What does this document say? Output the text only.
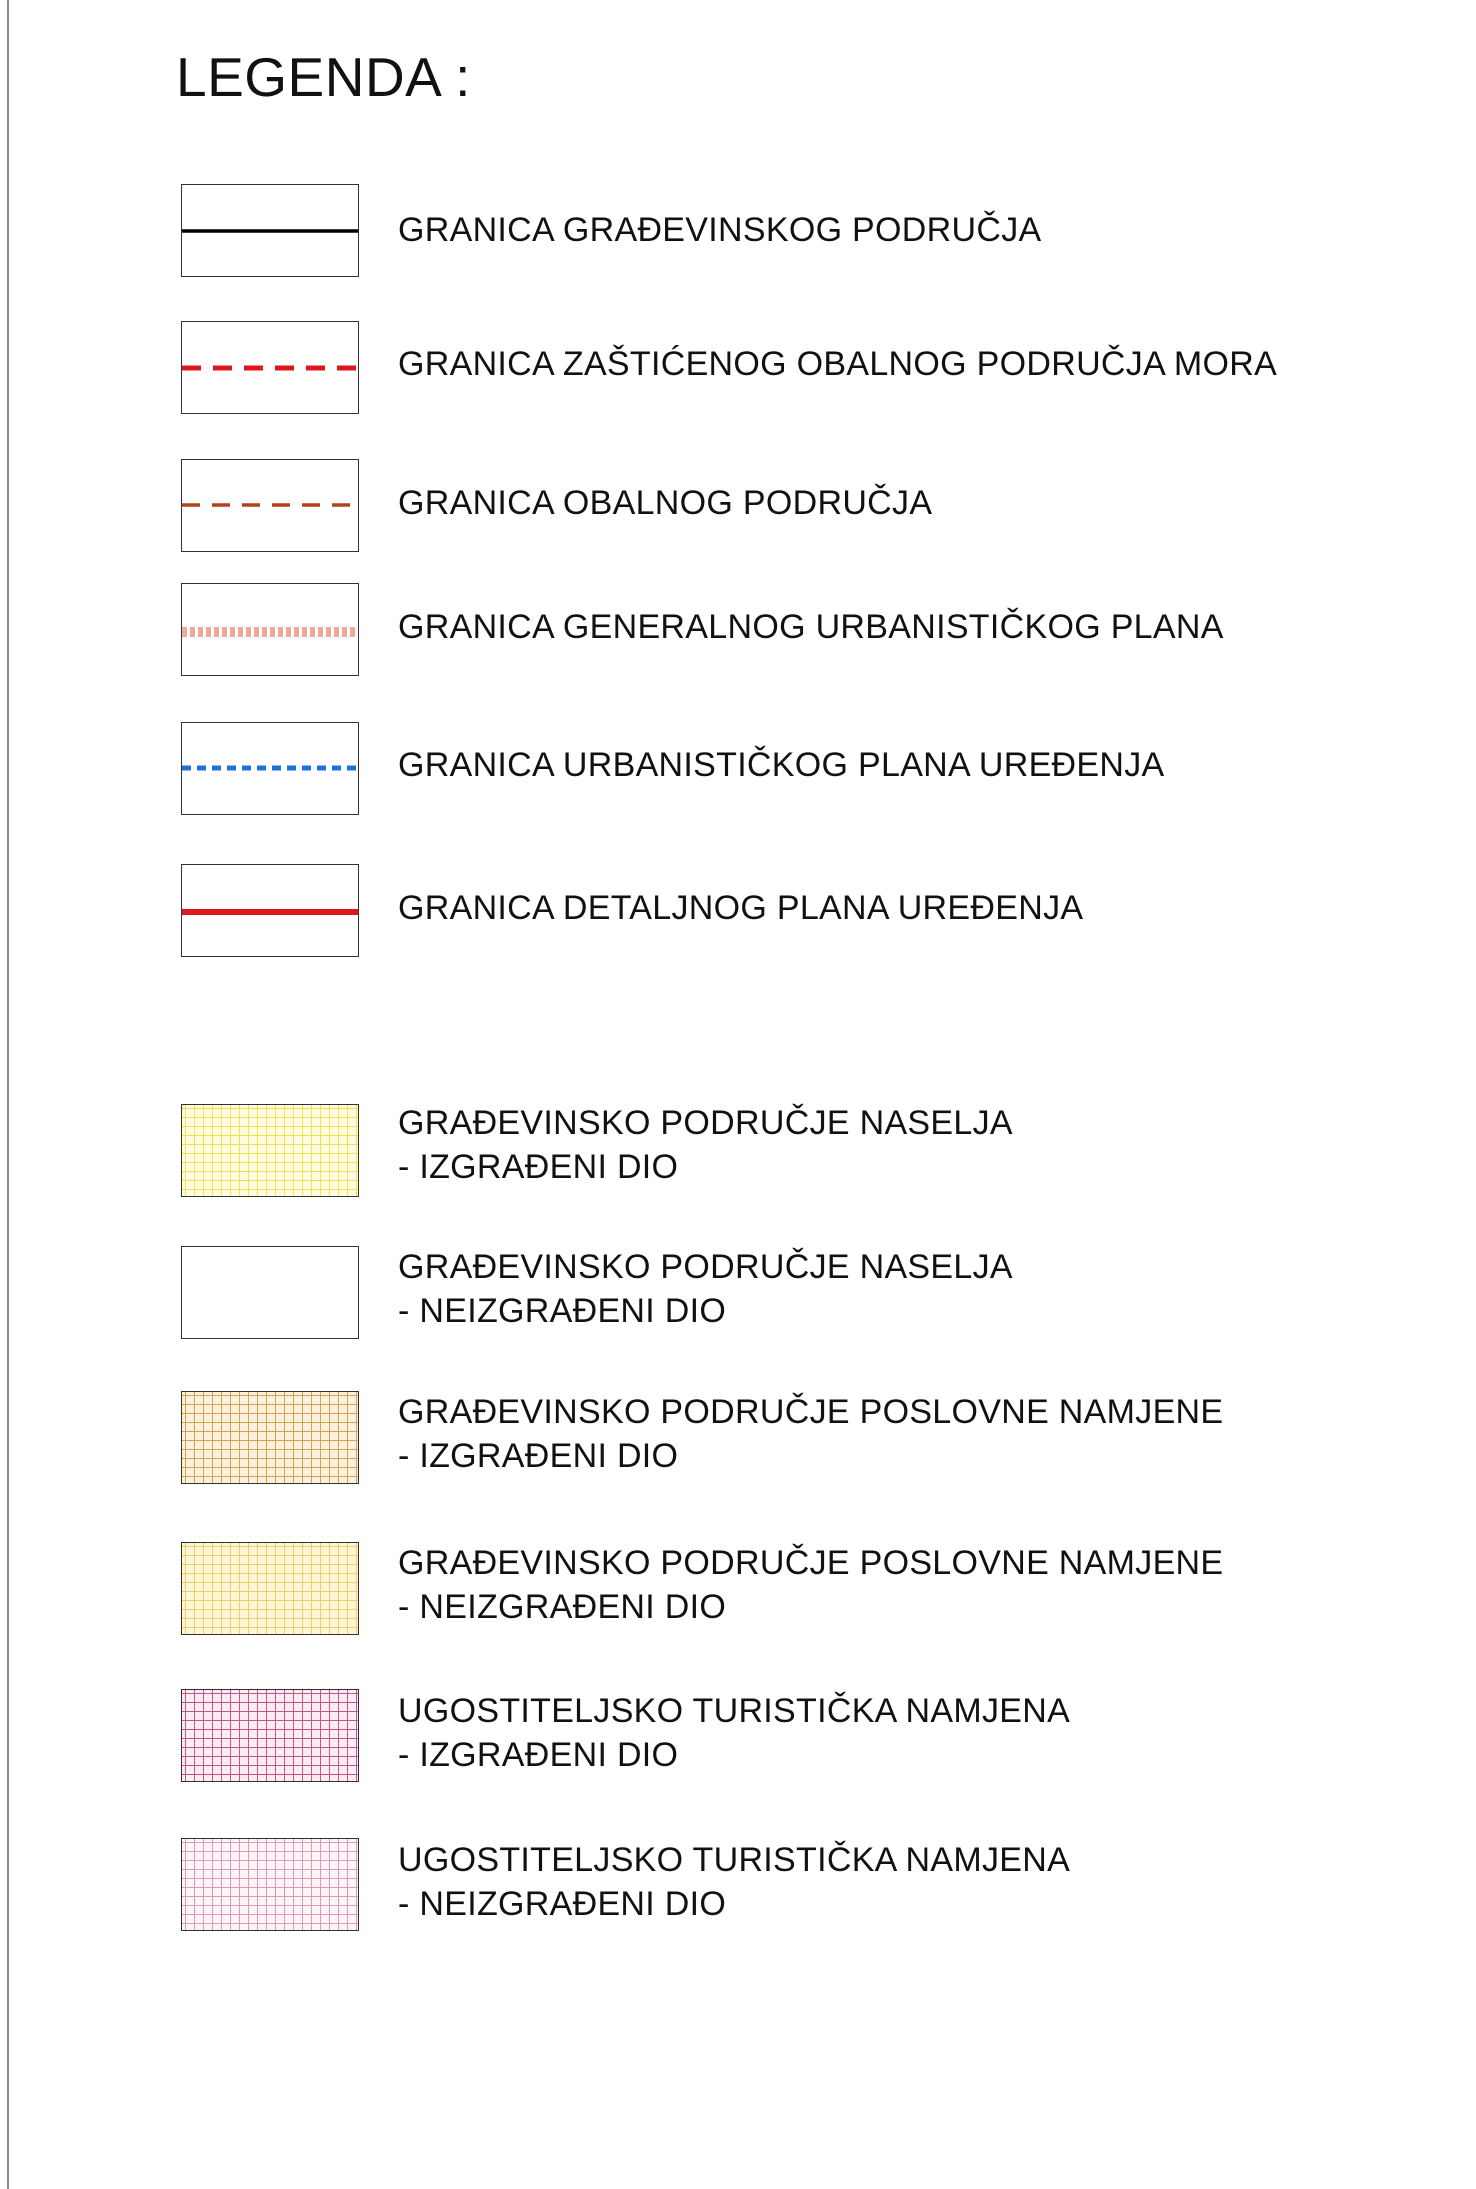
LEGENDA :
GRANICA GRAĐEVINSKOG PODRUČJA
GRANICA ZAŠTIĆENOG OBALNOG PODRUČJA MORA
GRANICA OBALNOG PODRUČJA
GRANICA GENERALNOG URBANISTIČKOG PLANA
GRANICA URBANISTIČKOG PLANA UREĐENJA
GRANICA DETALJNOG PLANA UREĐENJA
GRAĐEVINSKO PODRUČJE NASELJA
- IZGRAĐENI DIO
GRAĐEVINSKO PODRUČJE NASELJA
- NEIZGRAĐENI DIO
GRAĐEVINSKO PODRUČJE POSLOVNE NAMJENE
- IZGRAĐENI DIO
GRAĐEVINSKO PODRUČJE POSLOVNE NAMJENE
- NEIZGRAĐENI DIO
UGOSTITELJSKO TURISTIČKA NAMJENA
- IZGRAĐENI DIO
UGOSTITELJSKO TURISTIČKA NAMJENA
- NEIZGRAĐENI DIO
